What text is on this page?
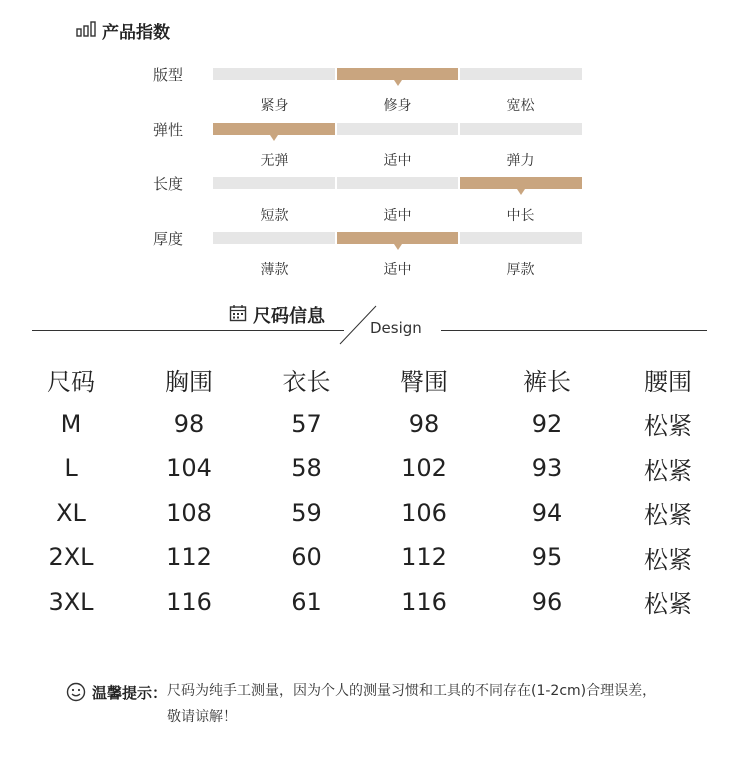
产品指数
版型
紧身	修身	宽松
弹性
无弹	适中	弹力
长度
短款	适中	中长
厚度
薄款	适中	厚款
尺码信息
Design
尺码	胸围	衣长	臀围	裤长	腰围
M	98	57	98	92	松紧
L	104	58	102	93	松紧
XL	108	59	106	94	松紧
2XL	112	60	112	95	松紧
3XL	116	61	116	96	松紧
温馨提示： 尺码为纯手工测量，因为个人的测量习惯和工具的不同存在(1-2cm)合理误差，敬请谅解！
